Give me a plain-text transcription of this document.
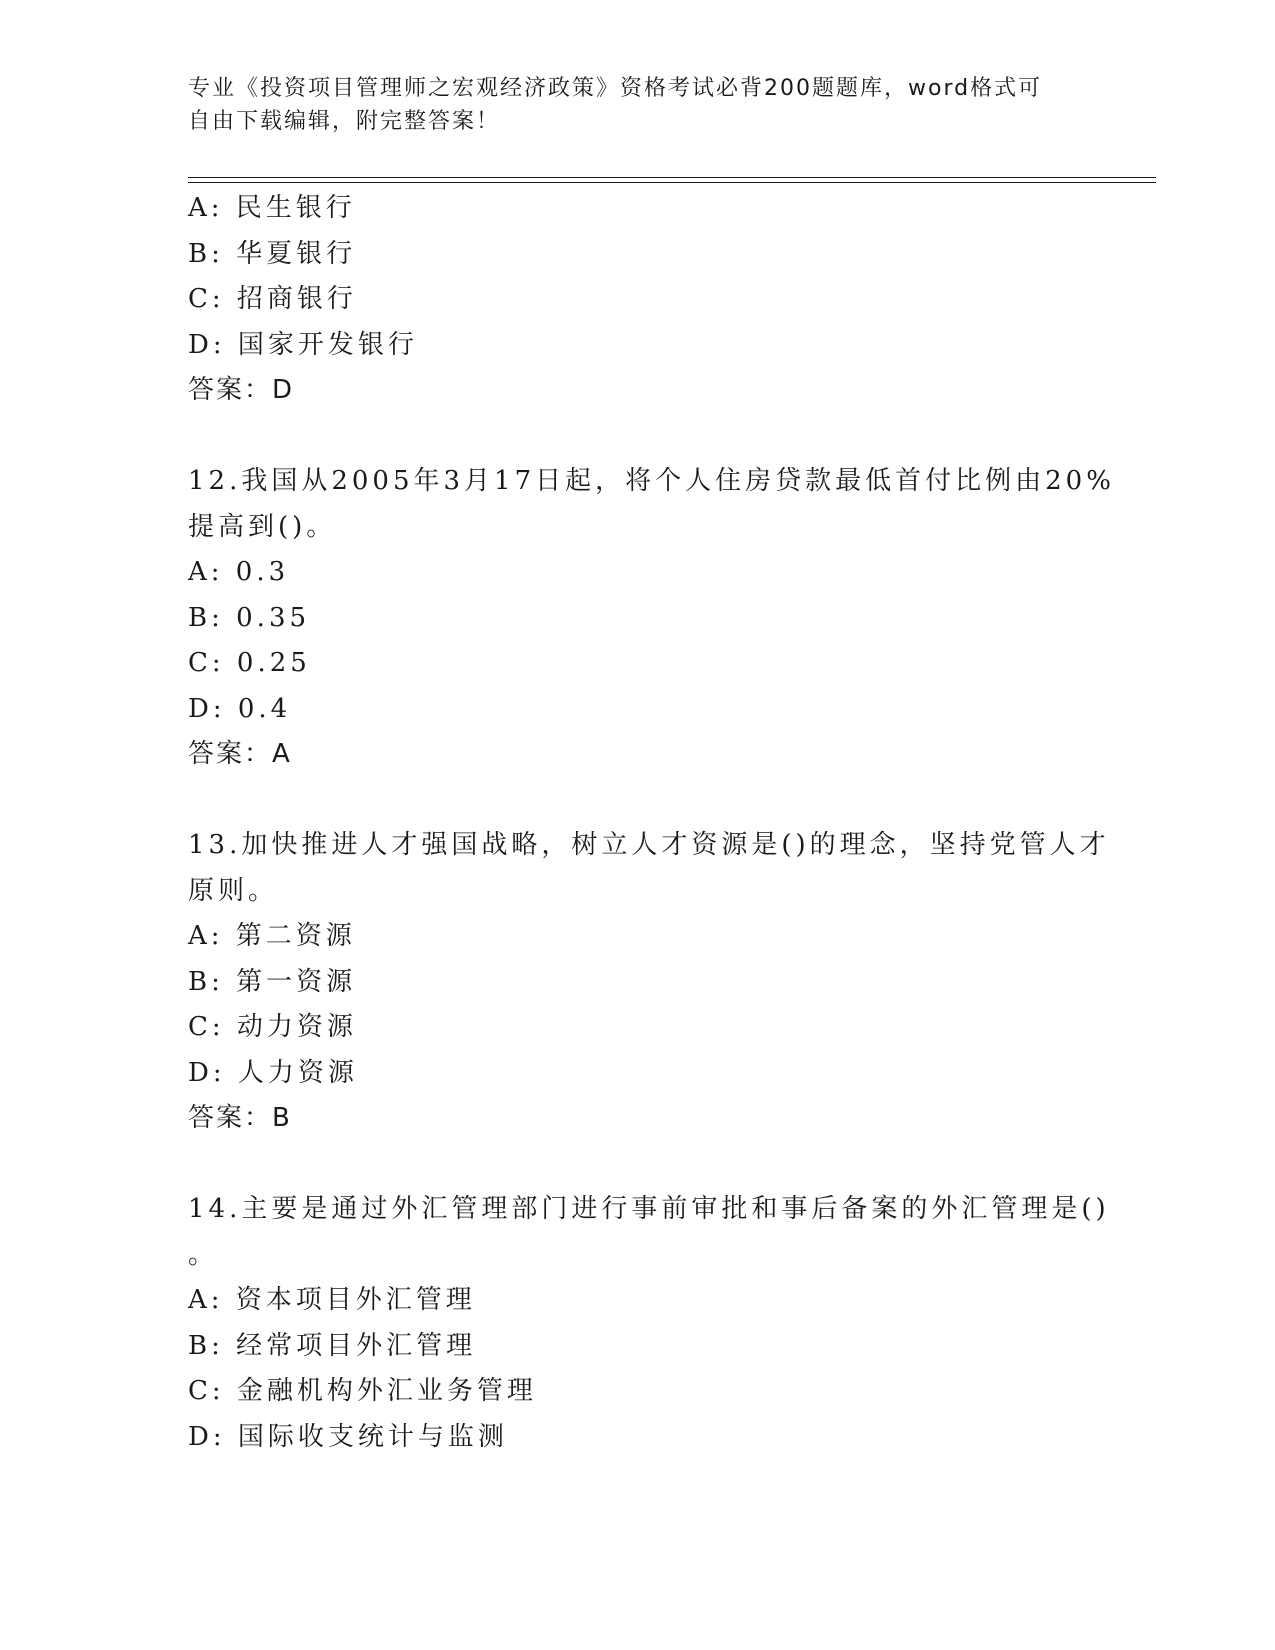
专业《投资项目管理师之宏观经济政策》资格考试必背200题题库，word格式可
自由下载编辑，附完整答案！
A: 民生银行
B: 华夏银行
C: 招商银行
D: 国家开发银行
答案：D
12.我国从2005年3月17日起，将个人住房贷款最低首付比例由20%
提高到()。
A: 0.3
B: 0.35
C: 0.25
D: 0.4
答案：A
13.加快推进人才强国战略，树立人才资源是()的理念，坚持党管人才
原则。
A: 第二资源
B: 第一资源
C: 动力资源
D: 人力资源
答案：B
14.主要是通过外汇管理部门进行事前审批和事后备案的外汇管理是()
。
A: 资本项目外汇管理
B: 经常项目外汇管理
C: 金融机构外汇业务管理
D: 国际收支统计与监测
